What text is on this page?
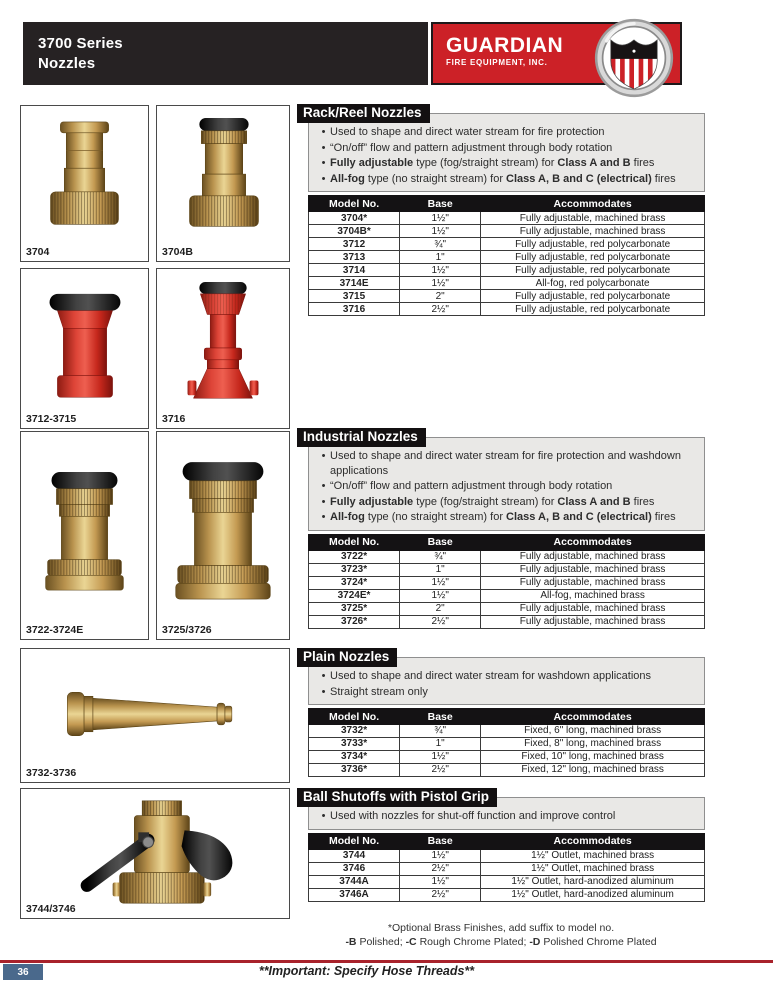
3700 Series
Nozzles
GUARDIAN
FIRE EQUIPMENT, INC.
3704	3704B
3712-3715	3716
3722-3724E	3725/3726
3732-3736
3744/3746
Rack/Reel Nozzles
• Used to shape and direct water stream for fire protection
• “On/off” flow and pattern adjustment through body rotation
• Fully adjustable type (fog/straight stream) for Class A and B fires
• All-fog type (no straight stream) for Class A, B and C (electrical) fires
Model No.	Base	Accommodates
3704*	1½"	Fully adjustable, machined brass
3704B*	1½"	Fully adjustable, machined brass
3712	¾"	Fully adjustable, red polycarbonate
3713	1"	Fully adjustable, red polycarbonate
3714	1½"	Fully adjustable, red polycarbonate
3714E	1½"	All-fog, red polycarbonate
3715	2"	Fully adjustable, red polycarbonate
3716	2½"	Fully adjustable, red polycarbonate
Industrial Nozzles
• Used to shape and direct water stream for fire protection and washdown applications
• “On/off” flow and pattern adjustment through body rotation
• Fully adjustable type (fog/straight stream) for Class A and B fires
• All-fog type (no straight stream) for Class A, B and C (electrical) fires
Model No.	Base	Accommodates
3722*	¾"	Fully adjustable, machined brass
3723*	1"	Fully adjustable, machined brass
3724*	1½"	Fully adjustable, machined brass
3724E*	1½"	All-fog, machined brass
3725*	2"	Fully adjustable, machined brass
3726*	2½"	Fully adjustable, machined brass
Plain Nozzles
• Used to shape and direct water stream for washdown applications
• Straight stream only
Model No.	Base	Accommodates
3732*	¾"	Fixed, 6" long, machined brass
3733*	1"	Fixed, 8" long, machined brass
3734*	1½"	Fixed, 10" long, machined brass
3736*	2½"	Fixed, 12" long, machined brass
Ball Shutoffs with Pistol Grip
• Used with nozzles for shut-off function and improve control
Model No.	Base	Accommodates
3744	1½"	1½" Outlet, machined brass
3746	2½"	1½" Outlet, machined brass
3744A	1½"	1½" Outlet, hard-anodized aluminum
3746A	2½"	1½" Outlet, hard-anodized aluminum
*Optional Brass Finishes, add suffix to model no.
-B Polished; -C Rough Chrome Plated; -D Polished Chrome Plated
36	**Important: Specify Hose Threads**
